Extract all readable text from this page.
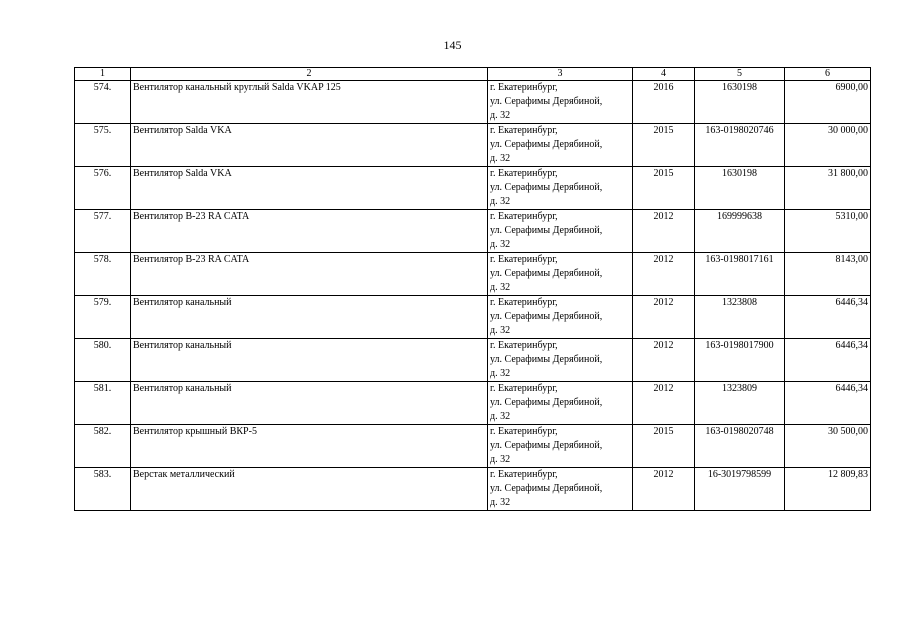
145
1	2	3	4	5	6
574.	Вентилятор канальный круглый Salda VKAP 125	г. Екатеринбург,
ул. Серафимы Дерябиной,
д. 32	2016	1630198	6900,00
575.	Вентилятор Salda VKA	г. Екатеринбург,
ул. Серафимы Дерябиной,
д. 32	2015	163-0198020746	30 000,00
576.	Вентилятор Salda VKA	г. Екатеринбург,
ул. Серафимы Дерябиной,
д. 32	2015	1630198	31 800,00
577.	Вентилятор В-23 RA CATA	г. Екатеринбург,
ул. Серафимы Дерябиной,
д. 32	2012	169999638	5310,00
578.	Вентилятор В-23 RA CATA	г. Екатеринбург,
ул. Серафимы Дерябиной,
д. 32	2012	163-0198017161	8143,00
579.	Вентилятор канальный	г. Екатеринбург,
ул. Серафимы Дерябиной,
д. 32	2012	1323808	6446,34
580.	Вентилятор канальный	г. Екатеринбург,
ул. Серафимы Дерябиной,
д. 32	2012	163-0198017900	6446,34
581.	Вентилятор канальный	г. Екатеринбург,
ул. Серафимы Дерябиной,
д. 32	2012	1323809	6446,34
582.	Вентилятор крышный ВКР-5	г. Екатеринбург,
ул. Серафимы Дерябиной,
д. 32	2015	163-0198020748	30 500,00
583.	Верстак металлический	г. Екатеринбург,
ул. Серафимы Дерябиной,
д. 32	2012	16-3019798599	12 809,83
